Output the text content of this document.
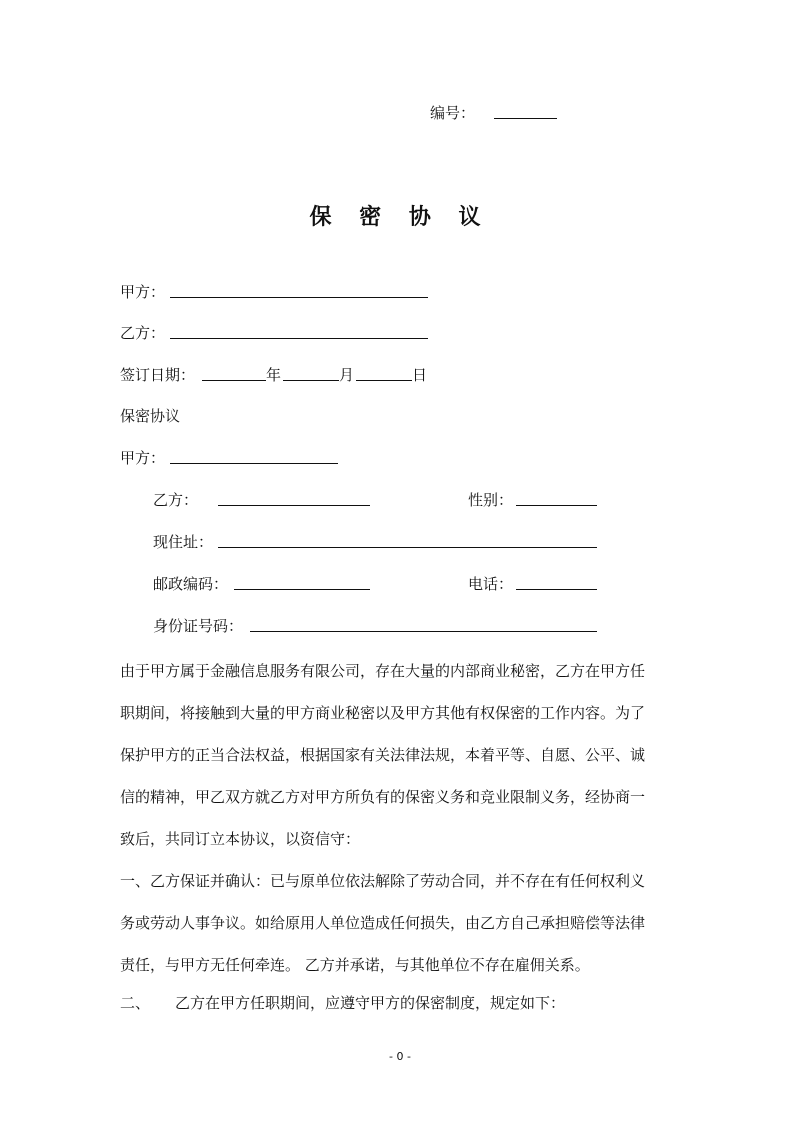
编号：
保 密 协 议
甲方：
乙方：
签订日期：	年	月	日
保密协议
甲方：
乙方：	性别：
现住址：
邮政编码：	电话：
身份证号码：
由于甲方属于金融信息服务有限公司，存在大量的内部商业秘密，乙方在甲方任
职期间，将接触到大量的甲方商业秘密以及甲方其他有权保密的工作内容。为了
保护甲方的正当合法权益，根据国家有关法律法规，本着平等、自愿、公平、诚
信的精神，甲乙双方就乙方对甲方所负有的保密义务和竞业限制义务，经协商一
致后，共同订立本协议，以资信守：
一、乙方保证并确认：已与原单位依法解除了劳动合同，并不存在有任何权利义
务或劳动人事争议。如给原用人单位造成任何损失，由乙方自己承担赔偿等法律
责任，与甲方无任何牵连。 乙方并承诺，与其他单位不存在雇佣关系。
二、 乙方在甲方任职期间，应遵守甲方的保密制度，规定如下：
- 0 -
